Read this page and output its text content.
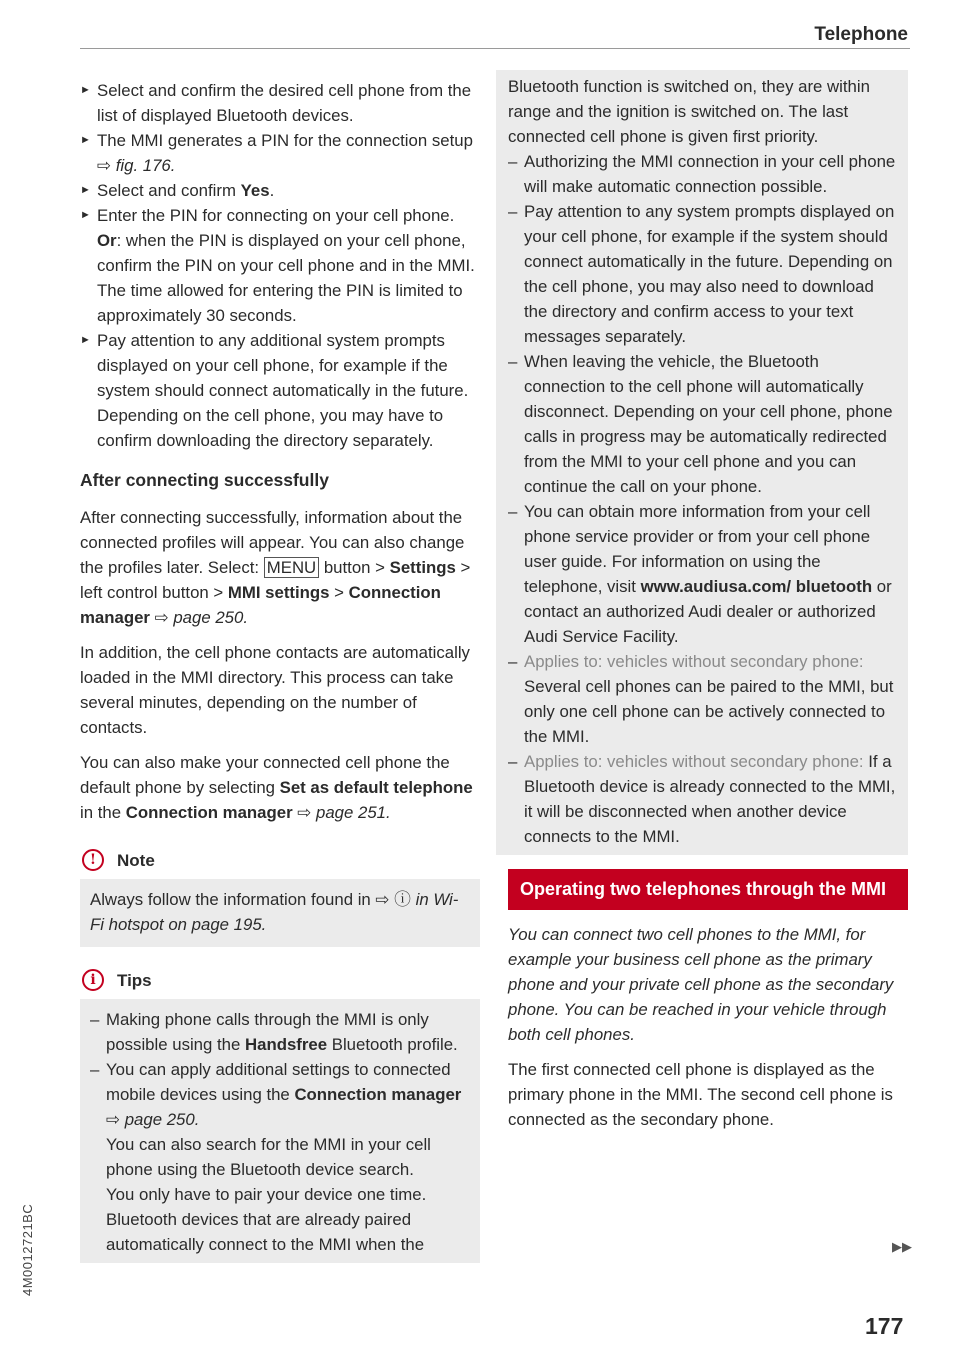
Telephone
► Select and confirm the desired cell phone from the list of displayed Bluetooth devices.
► The MMI generates a PIN for the connection setup ⇨ fig. 176.
► Select and confirm Yes.
► Enter the PIN for connecting on your cell phone. Or: when the PIN is displayed on your cell phone, confirm the PIN on your cell phone and in the MMI. The time allowed for entering the PIN is limited to approximately 30 seconds.
► Pay attention to any additional system prompts displayed on your cell phone, for example if the system should connect automatically in the future. Depending on the cell phone, you may have to confirm downloading the directory separately.
After connecting successfully

After connecting successfully, information about the connected profiles will appear. You can also change the profiles later. Select: MENU button > Settings > left control button > MMI settings > Connection manager ⇨ page 250.

In addition, the cell phone contacts are automatically loaded in the MMI directory. This process can take several minutes, depending on the number of contacts.

You can also make your connected cell phone the default phone by selecting Set as default telephone in the Connection manager ⇨ page 251.

!	Note
Always follow the information found in ⇨ ⓘ in Wi-Fi hotspot on page 195.
i	Tips
– Making phone calls through the MMI is only possible using the Handsfree Bluetooth profile.
– You can apply additional settings to connected mobile devices using the Connection manager ⇨ page 250.
You can also search for the MMI in your cell phone using the Bluetooth device search.
You only have to pair your device one time. Bluetooth devices that are already paired automatically connect to the MMI when the
Bluetooth function is switched on, they are within range and the ignition is switched on. The last connected cell phone is given first priority.
– Authorizing the MMI connection in your cell phone will make automatic connection possible.
– Pay attention to any system prompts displayed on your cell phone, for example if the system should connect automatically in the future. Depending on the cell phone, you may also need to download the directory and confirm access to your text messages separately.
– When leaving the vehicle, the Bluetooth connection to the cell phone will automatically disconnect. Depending on your cell phone, phone calls in progress may be automatically redirected from the MMI to your cell phone and you can continue the call on your phone.
– You can obtain more information from your cell phone service provider or from your cell phone user guide. For information on using the telephone, visit www.audiusa.com/ bluetooth or contact an authorized Audi dealer or authorized Audi Service Facility.
– Applies to: vehicles without secondary phone: Several cell phones can be paired to the MMI, but only one cell phone can be actively connected to the MMI.
– Applies to: vehicles without secondary phone: If a Bluetooth device is already connected to the MMI, it will be disconnected when another device connects to the MMI.
Operating two telephones through the MMI

You can connect two cell phones to the MMI, for example your business cell phone as the primary phone and your private cell phone as the secondary phone. You can be reached in your vehicle through both cell phones.

The first connected cell phone is displayed as the primary phone in the MMI. The second cell phone is connected as the secondary phone.

▶▶
177
4M0012721BC
